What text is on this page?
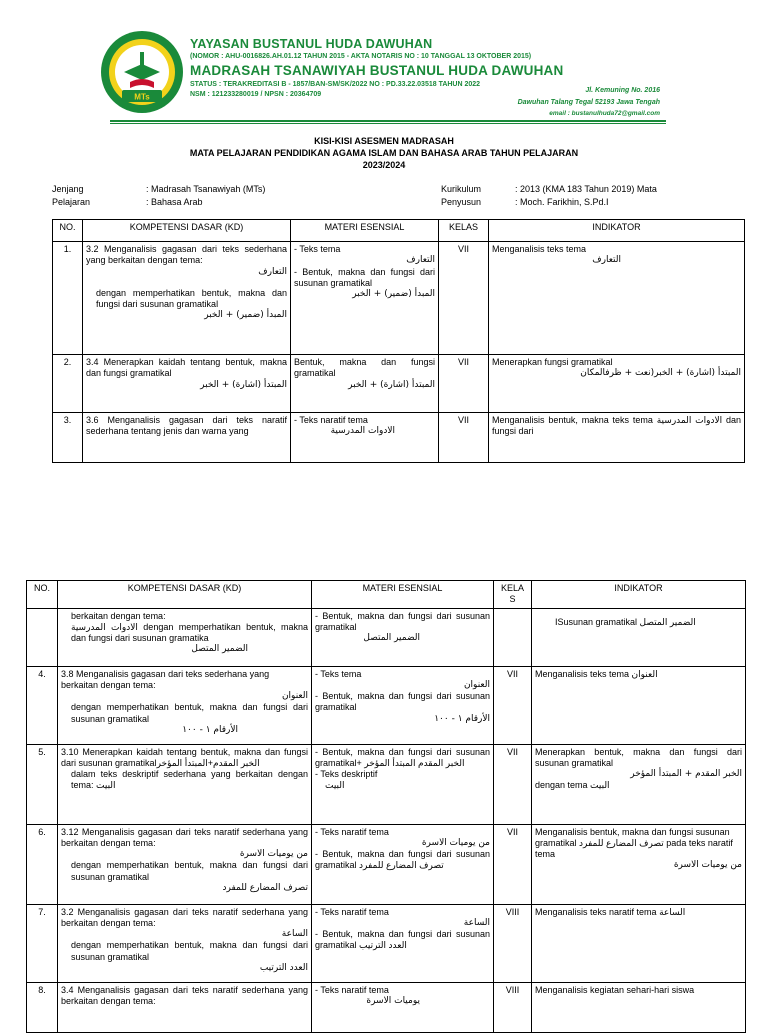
MTs
YAYASAN BUSTANUL HUDA DAWUHAN
(NOMOR : AHU-0016826.AH.01.12 TAHUN 2015 - AKTA NOTARIS NO : 10 TANGGAL 13 OKTOBER 2015)
MADRASAH TSANAWIYAH BUSTANUL HUDA DAWUHAN
STATUS : TERAKREDITASI B - 1857/BAN-SM/SK/2022 NO : PD.33.22.03518 TAHUN 2022
NSM : 121233280019 / NPSN : 20364709
Jl. Kemuning No. 2016
Dawuhan Talang Tegal 52193 Jawa Tengah
email : bustanulhuda72@gmail.com
KISI-KISI ASESMEN MADRASAH
MATA PELAJARAN PENDIDIKAN AGAMA ISLAM DAN BAHASA ARAB TAHUN PELAJARAN
2023/2024
Jenjang	: Madrasah Tsanawiyah (MTs)
Pelajaran	: Bahasa Arab
Kurikulum	: 2013 (KMA 183 Tahun 2019) Mata
Penyusun	: Moch. Farikhin, S.Pd.I
NO.	KOMPETENSI DASAR (KD)	MATERI ESENSIAL	KELAS	INDIKATOR
1.	3.2 Menganalisis gagasan dari teks sederhana yang berkaitan dengan tema:
التعارف
dengan memperhatikan bentuk, makna dan fungsi dari susunan gramatikal
المبدأ (ضمير) + الخبر	- Teks tema
التعارف
- Bentuk, makna dan fungsi dari susunan gramatikal
المبدأ (ضمير) + الخبر	VII	Menganalisis teks tema
التعارف

2.	3.4 Menerapkan kaidah tentang bentuk, makna dan fungsi gramatikal
المبتدأ (اشارة) + الخبر	Bentuk, makna dan fungsi gramatikal
المبتدأ (اشارة) + الخبر	VII	Menerapkan fungsi gramatikal
المبتدأ (اشارة) + الخبر(نعت + ظرفالمكان

3.	3.6 Menganalisis gagasan dari teks naratif sederhana tentang jenis dan warna yang	- Teks naratif tema
الادوات المدرسية	VII	Menganalisis bentuk, makna teks tema الادوات المدرسية dan fungsi dari
NO.	KOMPETENSI DASAR (KD)	MATERI ESENSIAL	KELA S	INDIKATOR

	berkaitan dengan tema:
الادوات المدرسية dengan memperhatikan bentuk, makna dan fungsi dari susunan gramatika
الضمير المتصل	- Bentuk, makna dan fungsi dari susunan gramatikal
الضمير المتصل		ISusunan gramatikal الضمير المتصل

4.	3.8 Menganalisis gagasan dari teks sederhana yang berkaitan dengan tema:
العنوان
dengan memperhatikan bentuk, makna dan fungsi dari susunan gramatikal
الأرقام ١ - ١٠٠	- Teks tema
العنوان
- Bentuk, makna dan fungsi dari susunan gramatikal
الأرقام ١ - ١٠٠	VII	Menganalisis teks tema العنوان
5.	3.10 Menerapkan kaidah tentang bentuk, makna dan fungsi dari susunan gramatikalالخبر المقدم+المبتدأ المؤخر
dalam teks deskriptif sederhana yang berkaitan dengan tema: البيت	- Bentuk, makna dan fungsi dari susunan gramatikal+ الخبر المقدم المبتدأ المؤخر
- Teks deskriptif
البيت	VII	Menerapkan bentuk, makna dan fungsi dari susunan gramatikal
الخبر المقدم + المبتدأ المؤخر
dengan tema البيت

6.	3.12 Menganalisis gagasan dari teks naratif sederhana yang berkaitan dengan tema:
من يوميات الاسرة
dengan memperhatikan bentuk, makna dan fungsi dari susunan gramatikal
تصرف المضارع للمفرد	- Teks naratif tema
من يوميات الاسرة
- Bentuk, makna dan fungsi dari susunan gramatikal تصرف المضارع للمفرد	VII	Menganalisis bentuk, makna dan fungsi susunan gramatikal تصرف المضارع للمفرد pada teks naratif tema
من يوميات الاسرة

7.	3.2 Menganalisis gagasan dari teks naratif sederhana yang berkaitan dengan tema:
الساعة
dengan memperhatikan bentuk, makna dan fungsi dari susunan gramatikal
العدد الترتيب	- Teks naratif tema
الساعة
- Bentuk, makna dan fungsi dari susunan gramatikal العدد الترتيب	VIII	Menganalisis teks naratif tema الساعة
8.	3.4 Menganalisis gagasan dari teks naratif sederhana yang berkaitan dengan tema:	- Teks naratif tema
يوميات الاسرة	VIII	Menganalisis kegiatan sehari-hari siswa
